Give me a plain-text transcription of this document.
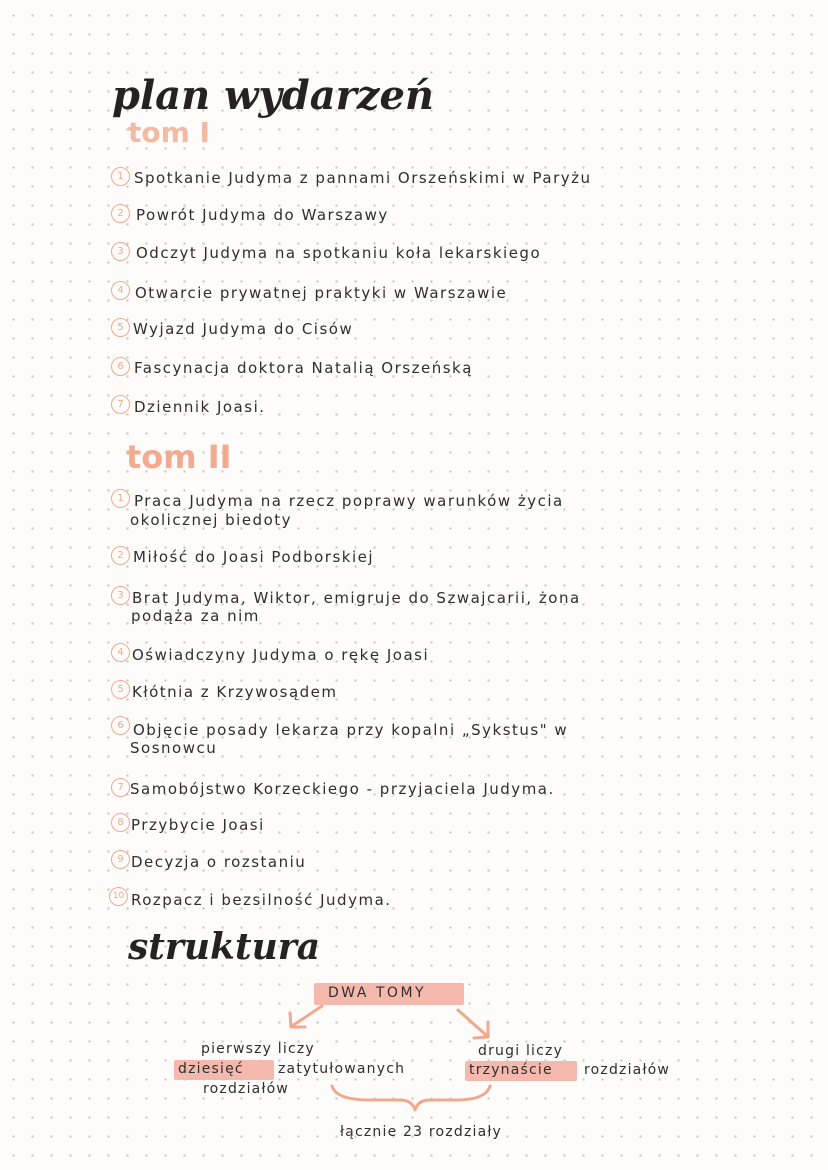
plan wydarzeń
tom I
1 Spotkanie Judyma z pannami Orszeńskimi w Paryżu
2 Powrót Judyma do Warszawy
3 Odczyt Judyma na spotkaniu koła lekarskiego
4 Otwarcie prywatnej praktyki w Warszawie
5 Wyjazd Judyma do Cisów
6 Fascynacja doktora Natalią Orszeńską
7 Dziennik Joasi.
tom II
1 Praca Judyma na rzecz poprawy warunków życia
okolicznej biedoty
2 Miłość do Joasi Podborskiej
3 Brat Judyma, Wiktor, emigruje do Szwajcarii, żona
podąża za nim
4 Oświadczyny Judyma o rękę Joasi
5 Kłótnia z Krzywosądem
6 Objęcie posady lekarza przy kopalni „Sykstus" w
Sosnowcu
7 Samobójstwo Korzeckiego - przyjaciela Judyma.
8 Przybycie Joasi
9 Decyzja o rozstaniu
10 Rozpacz i bezsilność Judyma.
struktura
DWA TOMY
pierwszy liczy
dziesięć zatytułowanych
rozdziałów
drugi liczy
trzynaście rozdziałów
łącznie 23 rozdziały
